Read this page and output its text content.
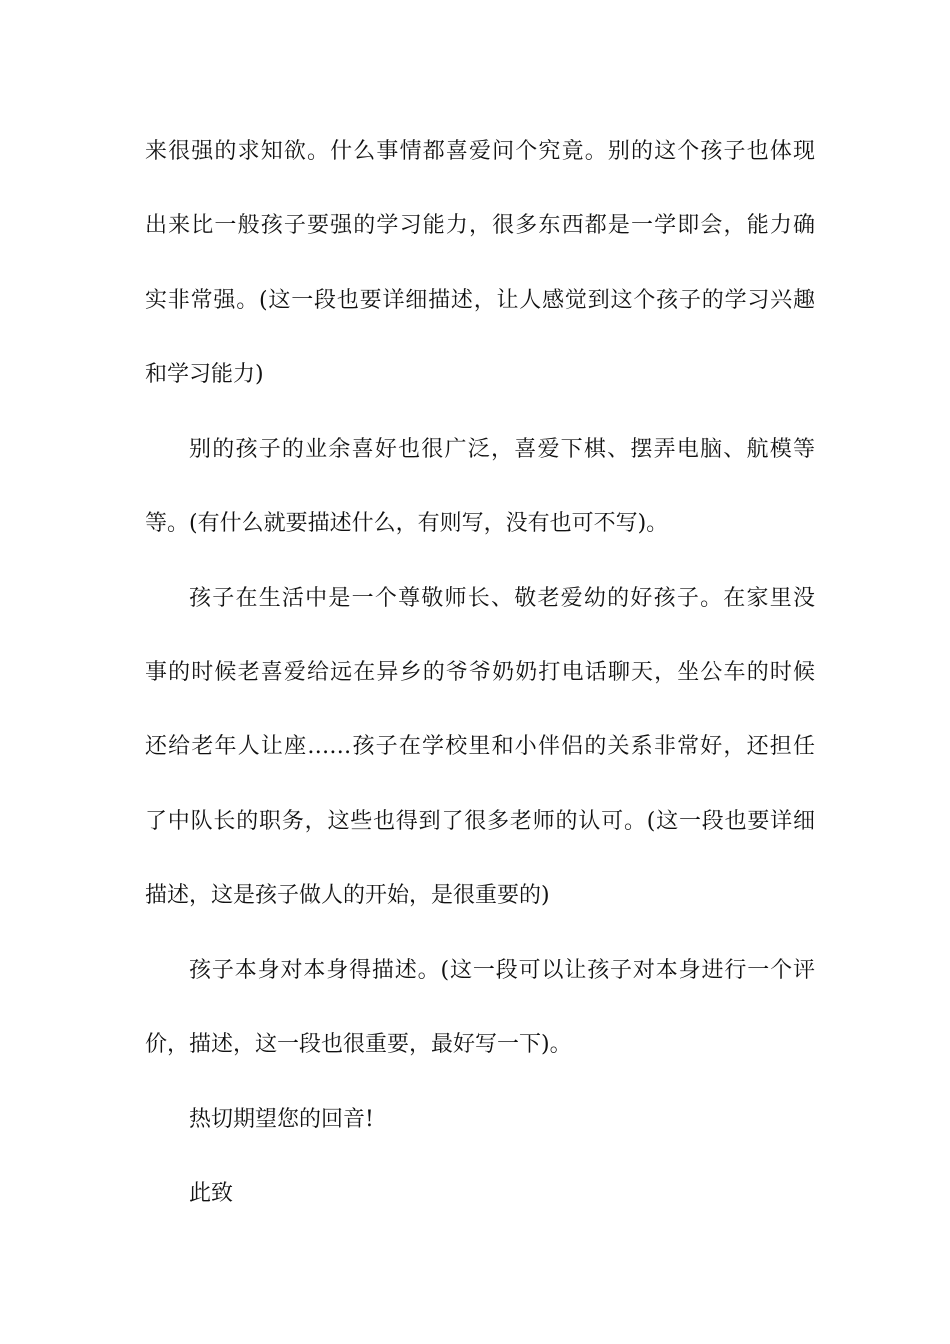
来很强的求知欲。什么事情都喜爱问个究竟。别的这个孩子也体现
出来比一般孩子要强的学习能力，很多东西都是一学即会，能力确
实非常强。(这一段也要详细描述，让人感觉到这个孩子的学习兴趣
和学习能力)
别的孩子的业余喜好也很广泛，喜爱下棋、摆弄电脑、航模等
等。(有什么就要描述什么，有则写，没有也可不写)。
孩子在生活中是一个尊敬师长、敬老爱幼的好孩子。在家里没
事的时候老喜爱给远在异乡的爷爷奶奶打电话聊天，坐公车的时候
还给老年人让座……孩子在学校里和小伴侣的关系非常好，还担任
了中队长的职务，这些也得到了很多老师的认可。(这一段也要详细
描述，这是孩子做人的开始，是很重要的)
孩子本身对本身得描述。(这一段可以让孩子对本身进行一个评
价，描述，这一段也很重要，最好写一下)。
热切期望您的回音!
此致
